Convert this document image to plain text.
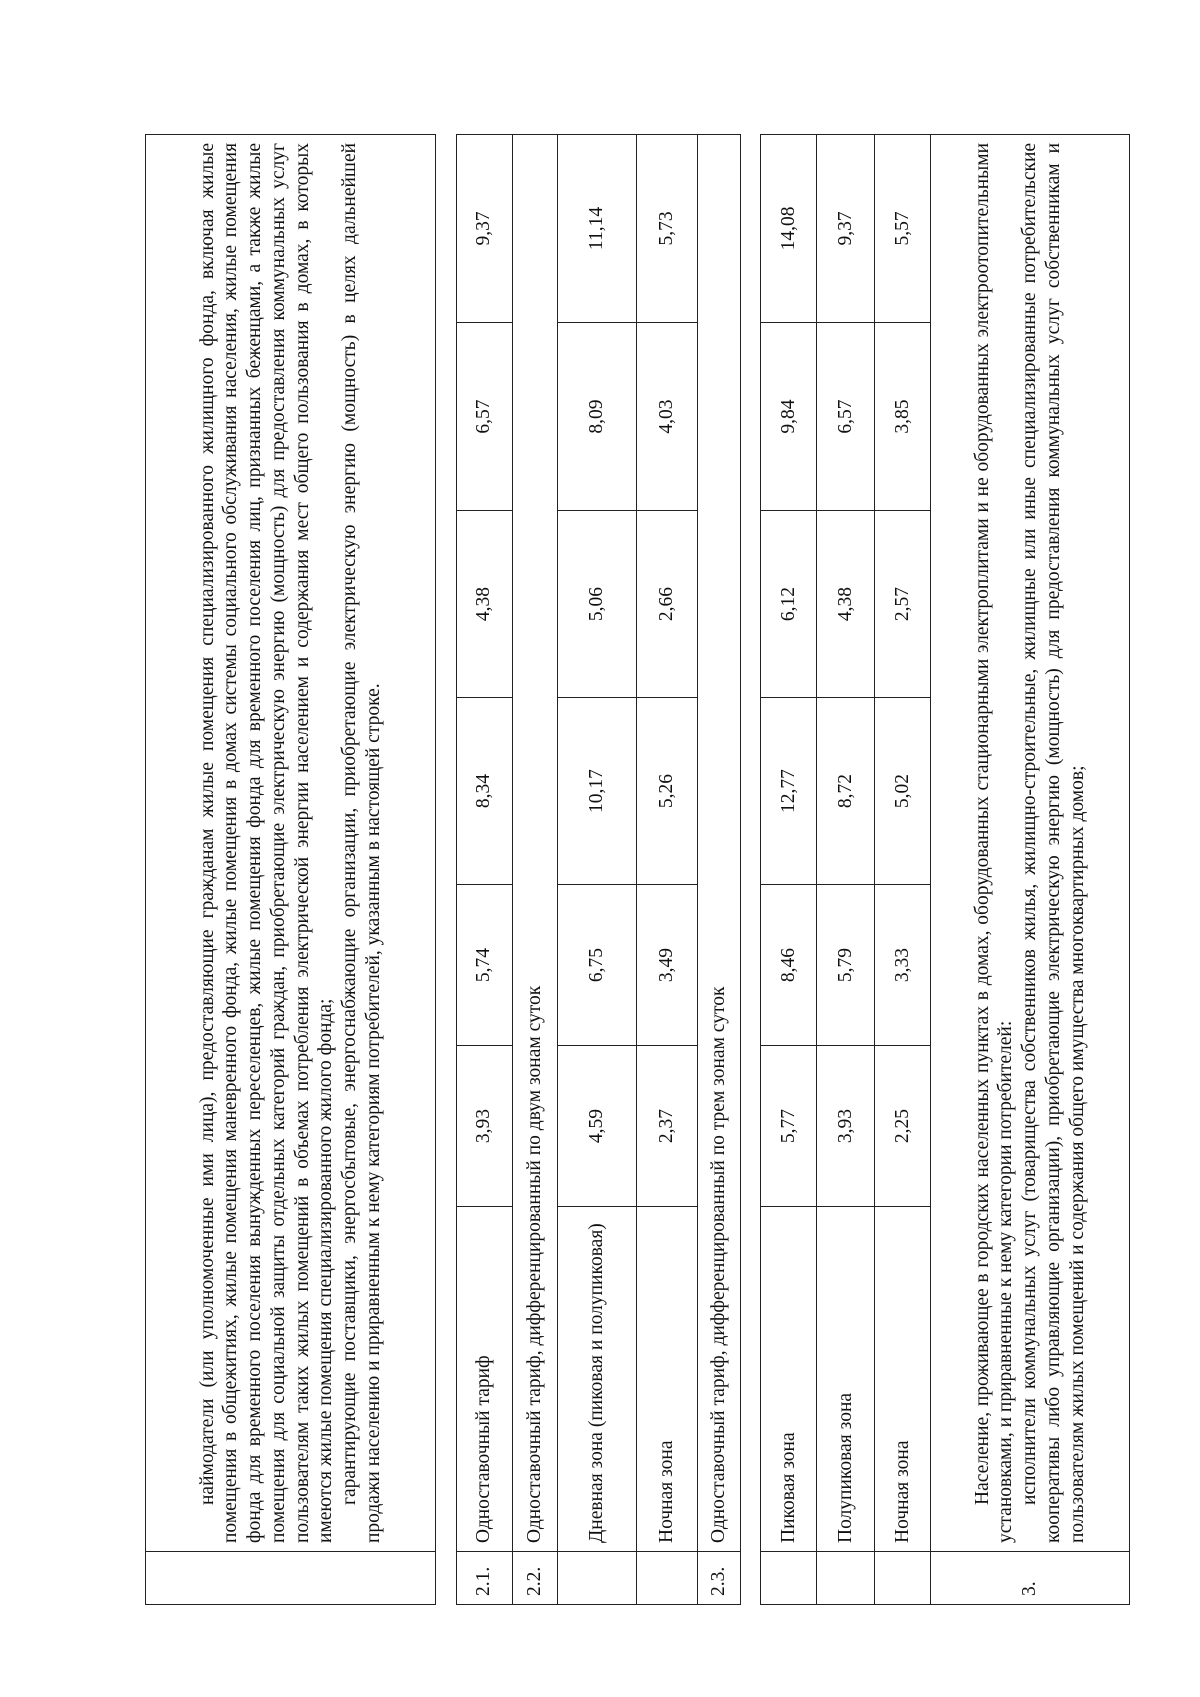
	наймодатели (или уполномоченные ими лица), предоставляющие гражданам жилые помещения специализированного жилищного фонда, включая жилые помещения в общежитиях, жилые помещения маневренного фонда, жилые помещения в домах системы социального обслуживания населения, жилые помещения фонда для временного поселения вынужденных переселенцев, жилые помещения фонда для временного поселения лиц, признанных беженцами, а также жилые помещения для социальной защиты отдельных категорий граждан, приобретающие электрическую энергию (мощность) для предоставления коммунальных услуг пользователям таких жилых помещений в объемах потребления электрической энергии населением и содержания мест общего пользования в домах, в которых имеются жилые помещения специализированного жилого фонда; гарантирующие поставщики, энергосбытовые, энергоснабжающие организации, приобретающие электрическую энергию (мощность) в целях дальнейшей продажи населению и приравненным к нему категориям потребителей, указанным в настоящей строке.						

2.1.	Одноставочный тариф	3,93	5,74	8,34	4,38	6,57	9,37
2.2.	Одноставочный тариф, дифференцированный по двум зонам суток						
	Дневная зона (пиковая и полупиковая)	4,59	6,75	10,17	5,06	8,09	11,14
	Ночная зона	2,37	3,49	5,26	2,66	4,03	5,73
2.3.	Одноставочный тариф, дифференцированный по трем зонам суток						

	Пиковая зона	5,77	8,46	12,77	6,12	9,84	14,08
	Полупиковая зона	3,93	5,79	8,72	4,38	6,57	9,37
	Ночная зона	2,25	3,33	5,02	2,57	3,85	5,57
3.	Население, проживающее в городских населенных пунктах в домах, оборудованных стационарными электроплитами и не оборудованных электроотопительными установками, и приравненные к нему категории потребителей: исполнители коммунальных услуг (товарищества собственников жилья, жилищно-строительные, жилищные или иные специализированные потребительские кооперативы либо управляющие организации), приобретающие электрическую энергию (мощность) для предоставления коммунальных услуг собственникам и пользователям жилых помещений и содержания общего имущества многоквартирных домов;						
